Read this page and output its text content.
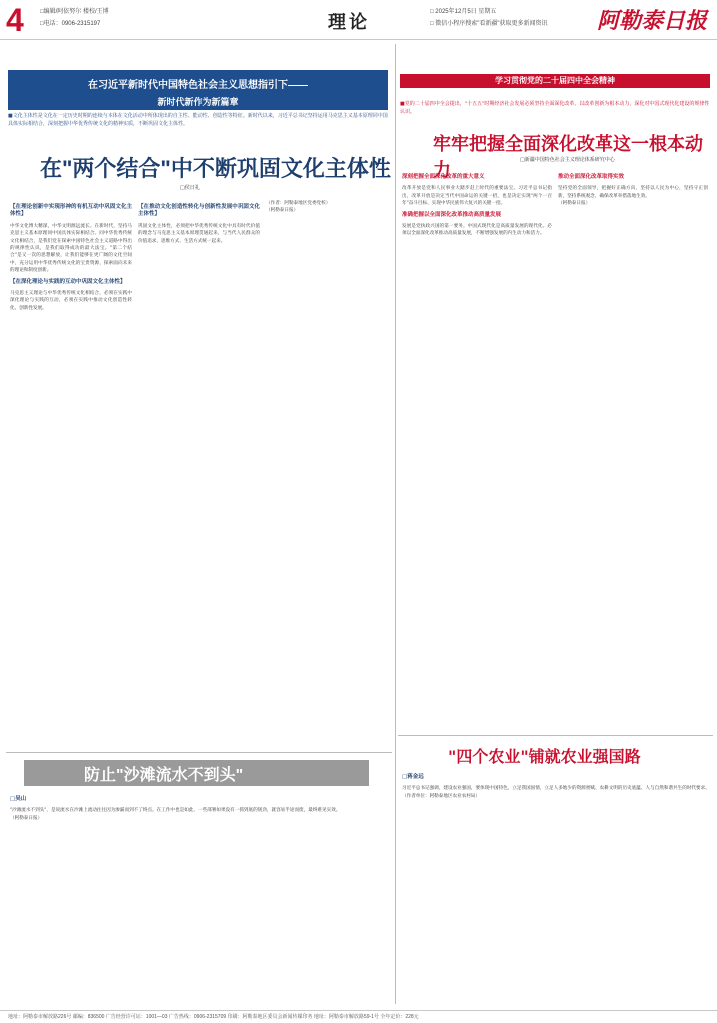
4	□编辑/阿依努尔 楼校/王博
□电话：0906-2315197	理论	□ 2025年12月5日 星期五
□ 微信小程序搜索"看新疆"获取更多新闻资讯 阿勒泰日报
在习近平新时代中国特色社会主义思想指引下——
新时代新作为新篇章
■文化主体性是文化在一定历史时期的连续与本体在文化活动中所体现出的自主性、能动性、创造性等特征。新时代以来，习近平总书记坚持运用马克思主义基本原理同中国具体实际相结合，深刻把握中华优秀传统文化的精神实质，不断巩固文化主体性。
在"两个结合"中不断巩固文化主体性
□侯日礼
【在理论创新中实现形神的有机互动中巩固文化主体性】
中华文化博大精深，中华文明源远流长。在新时代，坚持马克思主义基本原理同中国具体实际相结合、同中华优秀传统文化相结合，是我们党在探索中国特色社会主义道路中得出的规律性认识，是我们取得成功的最大法宝。"第二个结合"是又一次的思想解放，让我们能够在更广阔的文化空间中，充分运用中华优秀传统文化的宝贵资源，探索面向未来的理论和制度创新。
【在深化理论与实践的互动中巩固文化主体性】
马克思主义理论与中华优秀传统文化相结合，必须在实践中深化理论与实践的互动，必须在实践中推动文化创造性转化、创新性发展。
【在推动文化创造性转化与创新性发展中巩固文化主体性】
巩固文化主体性，必须把中华优秀传统文化中具有时代价值的理念与马克思主义基本原理贯通起来，与当代人民群众的价值追求、思维方式、生活方式统一起来。
（作者：阿勒泰地区党委党校）
（阿勒泰日报）
学习贯彻党的二十届四中全会精神
■党的二十届四中全会提出，"十五五"时期经济社会发展必须坚持全面深化改革，以改革创新为根本动力，深化对中国式现代化建设的规律性认识。
牢牢把握全面深化改革这一根本动力	□新疆中国特色社会主义理论体系研究中心
深刻把握全面深化改革的重大意义
改革开放是党和人民事业大踏步赶上时代的重要法宝。习近平总书记指出，改革开放是决定当代中国命运的关键一招，也是决定实现"两个一百年"奋斗目标、实现中华民族伟大复兴的关键一招。
准确把握以全面深化改革推动高质量发展
发展是党执政兴国的第一要务。中国式现代化是高质量发展的现代化。必须以全面深化改革推动高质量发展，不断增强发展的内生动力和活力。
推动全面深化改革取得实效
坚持党的全面领导，把握好正确方向，坚持以人民为中心，坚持守正创新，坚持系统观念，确保改革举措落地生效。
（阿勒泰日报）
"四个农业"铺就农业强国路
□蒋金远
习近平总书记强调，建设农业强国，要体现中国特色，立足我国国情，立足人多地少的资源禀赋、农耕文明的历史底蕴、人与自然和谐共生的时代要求。
（作者单位：阿勒泰地区农业农村局）
防止"沙滩流水不到头"
□吴山
"沙滩流水不到头"，是说流水在沙滩上流动往往因为渗漏而到不了终点。在工作中也是如此，一些部署如果没有一抓到底的韧劲，就容易半途而废，最终难见实效。
（阿勒泰日报）
地址：阿勒泰市解放路226号 邮编：836500 广告经营许可证：1001—03 广告热线：0906-2315709 印刷：阿勒泰地区委员会新闻传媒印务 地址：阿勒泰市解放路59-1号 全年定价：228元
